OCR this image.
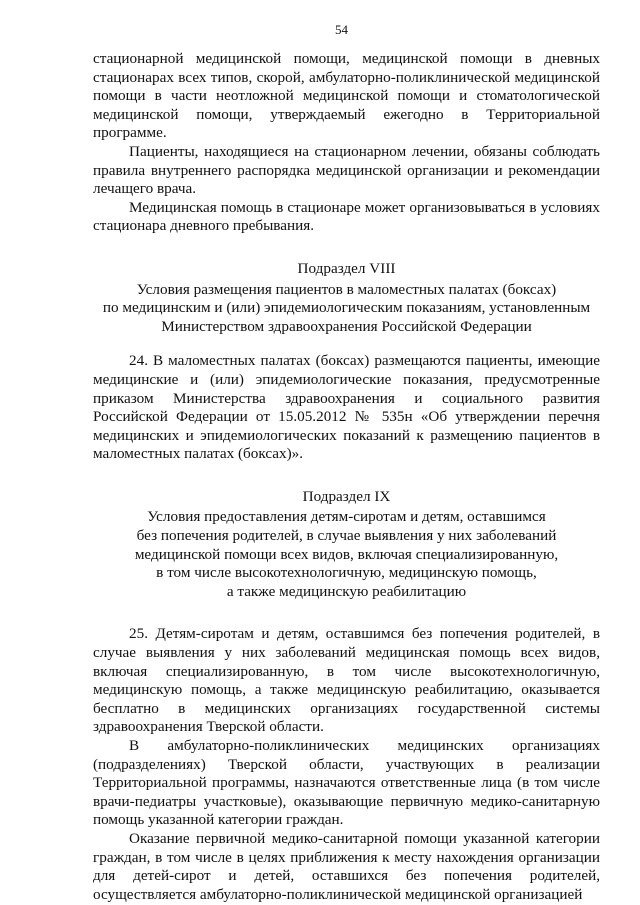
54

стационарной медицинской помощи, медицинской помощи в дневных стационарах всех типов, скорой, амбулаторно-поликлинической медицинской помощи в части неотложной медицинской помощи и стоматологической медицинской помощи, утверждаемый ежегодно в Территориальной программе.

Пациенты, находящиеся на стационарном лечении, обязаны соблюдать правила внутреннего распорядка медицинской организации и рекомендации лечащего врача.

Медицинская помощь в стационаре может организовываться в условиях стационара дневного пребывания.

Подраздел VIII
Условия размещения пациентов в маломестных палатах (боксах)
по медицинским и (или) эпидемиологическим показаниям, установленным
Министерством здравоохранения Российской Федерации

24. В маломестных палатах (боксах) размещаются пациенты, имеющие медицинские и (или) эпидемиологические показания, предусмотренные приказом Министерства здравоохранения и социального развития Российской Федерации от 15.05.2012 № 535н «Об утверждении перечня медицинских и эпидемиологических показаний к размещению пациентов в маломестных палатах (боксах)».

Подраздел IX
Условия предоставления детям-сиротам и детям, оставшимся
без попечения родителей, в случае выявления у них заболеваний
медицинской помощи всех видов, включая специализированную,
в том числе высокотехнологичную, медицинскую помощь,
а также медицинскую реабилитацию

25. Детям-сиротам и детям, оставшимся без попечения родителей, в случае выявления у них заболеваний медицинская помощь всех видов, включая специализированную, в том числе высокотехнологичную, медицинскую помощь, а также медицинскую реабилитацию, оказывается бесплатно в медицинских организациях государственной системы здравоохранения Тверской области.

В амбулаторно-поликлинических медицинских организациях (подразделениях) Тверской области, участвующих в реализации Территориальной программы, назначаются ответственные лица (в том числе врачи-педиатры участковые), оказывающие первичную медико-санитарную помощь указанной категории граждан.

Оказание первичной медико-санитарной помощи указанной категории граждан, в том числе в целях приближения к месту нахождения организации для детей-сирот и детей, оставшихся без попечения родителей, осуществляется амбулаторно-поликлинической медицинской организацией
